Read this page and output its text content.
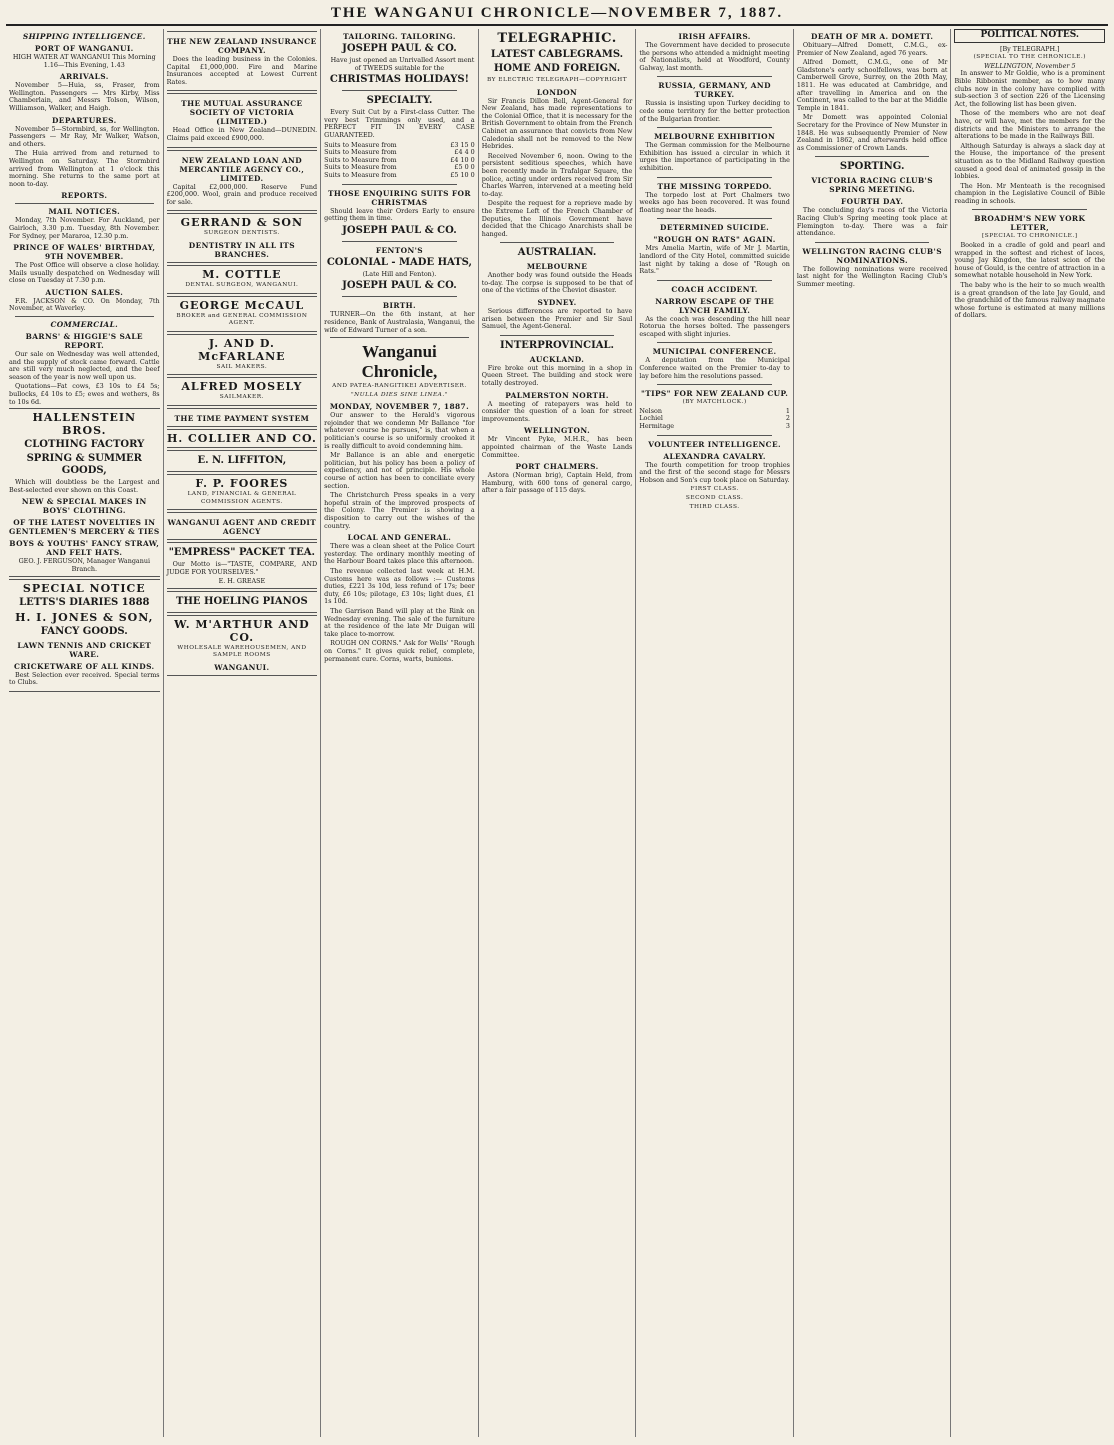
THE WANGANUI CHRONICLE—NOVEMBER 7, 1887.
SHIPPING INTELLIGENCE.
PORT OF WANGANUI.
HIGH WATER AT WANGANUI This Morning 1.16—This Evening, 1.43
ARRIVALS.

November 5—Huia, ss, Fraser, from Wellington. Passengers — Mrs Kirby, Miss Chamberlain, and Messrs Tolson, Wilson, Williamson, Walker, and Haigh.

DEPARTURES.

November 5—Stormbird, ss, for Wellington. Passengers — Mr Ray, Mr Walker, Watson, and others.

The Huia arrived from and returned to Wellington on Saturday. The Stormbird arrived from Wellington at 1 o'clock this morning. She returns to the same port at noon to-day.

REPORTS.
MAIL NOTICES.

Monday, 7th November. For Auckland, per Gairloch, 3.30 p.m. Tuesday, 8th November. For Sydney, per Mararoa, 12.30 p.m.

PRINCE OF WALES' BIRTHDAY, 9TH NOVEMBER.

The Post Office will observe a close holiday. Mails usually despatched on Wednesday will close on Tuesday at 7.30 p.m.

AUCTION SALES.

F.R. JACKSON & CO. On Monday, 7th November, at Waverley.

COMMERCIAL.
BARNS' & HIGGIE'S SALE REPORT.

Our sale on Wednesday was well attended, and the supply of stock came forward. Cattle are still very much neglected, and the beef season of the year is now well upon us.

Quotations—Fat cows, £3 10s to £4 5s; bullocks, £4 10s to £5; ewes and wethers, 8s to 10s 6d.

HALLENSTEIN BROS.
CLOTHING FACTORY
SPRING & SUMMER GOODS,

Which will doubtless be the Largest and Best-selected ever shown on this Coast.

NEW & SPECIAL MAKES IN BOYS' CLOTHING.
OF THE LATEST NOVELTIES IN GENTLEMEN'S MERCERY & TIES
BOYS & YOUTHS' FANCY STRAW, AND FELT HATS.
GEO. J. FERGUSON, Manager Wanganui Branch.
SPECIAL NOTICE
LETTS'S DIARIES 1888
H. I. JONES & SON,
FANCY GOODS.
LAWN TENNIS AND CRICKET WARE.
CRICKETWARE OF ALL KINDS.

Best Selection ever received. Special terms to Clubs.

THE NEW ZEALAND INSURANCE COMPANY.

Does the leading business in the Colonies. Capital £1,000,000. Fire and Marine Insurances accepted at Lowest Current Rates.

THE MUTUAL ASSURANCE SOCIETY OF VICTORIA (LIMITED.)

Head Office in New Zealand—DUNEDIN. Claims paid exceed £900,000.

NEW ZEALAND LOAN AND MERCANTILE AGENCY CO., LIMITED.

Capital £2,000,000. Reserve Fund £200,000. Wool, grain and produce received for sale.

GERRAND & SON
SURGEON DENTISTS.
DENTISTRY IN ALL ITS BRANCHES.
M. COTTLE
DENTAL SURGEON, WANGANUI.
GEORGE McCAUL
BROKER and GENERAL COMMISSION AGENT.
J. AND D. McFARLANE
SAIL MAKERS.
ALFRED MOSELY
SAILMAKER.
THE TIME PAYMENT SYSTEM
H. COLLIER AND CO.
E. N. LIFFITON,
F. P. FOORES
LAND, FINANCIAL & GENERAL COMMISSION AGENTS.
WANGANUI AGENT AND CREDIT AGENCY
"EMPRESS" PACKET TEA.

Our Motto is—"TASTE, COMPARE, AND JUDGE FOR YOURSELVES."

E. H. GREASE
THE HOELING PIANOS
W. M'ARTHUR AND CO.
WHOLESALE WAREHOUSEMEN, AND SAMPLE ROOMS
WANGANUI.
TAILORING. TAILORING.
JOSEPH PAUL & CO.

Have just opened an Unrivalled Assort ment of TWEEDS suitable for the

CHRISTMAS HOLIDAYS!
SPECIALTY.

Every Suit Cut by a First-class Cutter. The very best Trimmings only used, and a PERFECT FIT IN EVERY CASE GUARANTEED.

Suits to Measure from	£3 15 0
Suits to Measure from	£4 4 0
Suits to Measure from	£4 10 0
Suits to Measure from	£5 0 0
Suits to Measure from	£5 10 0
THOSE ENQUIRING SUITS FOR CHRISTMAS

Should leave their Orders Early to ensure getting them in time.

JOSEPH PAUL & CO.
FENTON'S
COLONIAL - MADE HATS,
(Late Hill and Fenton).
JOSEPH PAUL & CO.
BIRTH.

TURNER—On the 6th instant, at her residence, Bank of Australasia, Wanganui, the wife of Edward Turner of a son.

Wanganui Chronicle,
AND PATEA-RANGITIKEI ADVERTISER.
"NULLA DIES SINE LINEA."
MONDAY, NOVEMBER 7, 1887.

Our answer to the Herald's vigorous rejoinder that we condemn Mr Ballance "for whatever course he pursues," is, that when a politician's course is so uniformly crooked it is really difficult to avoid condemning him.

Mr Ballance is an able and energetic politician, but his policy has been a policy of expediency, and not of principle. His whole course of action has been to conciliate every section.

The Christchurch Press speaks in a very hopeful strain of the improved prospects of the Colony. The Premier is showing a disposition to carry out the wishes of the country.

LOCAL AND GENERAL.

There was a clean sheet at the Police Court yesterday. The ordinary monthly meeting of the Harbour Board takes place this afternoon.

The revenue collected last week at H.M. Customs here was as follows :— Customs duties, £221 3s 10d, less refund of 17s; beer duty, £6 10s; pilotage, £3 10s; light dues, £1 1s 10d.

The Garrison Band will play at the Rink on Wednesday evening. The sale of the furniture at the residence of the late Mr Duigan will take place to-morrow.

ROUGH ON CORNS." Ask for Wells' "Rough on Corns." It gives quick relief, complete, permanent cure. Corns, warts, bunions.

TELEGRAPHIC.
LATEST CABLEGRAMS.
HOME AND FOREIGN.
BY ELECTRIC TELEGRAPH—COPYRIGHT
LONDON

Sir Francis Dillon Bell, Agent-General for New Zealand, has made representations to the Colonial Office, that it is necessary for the British Government to obtain from the French Cabinet an assurance that convicts from New Caledonia shall not be removed to the New Hebrides.

Received November 6, noon. Owing to the persistent seditious speeches, which have been recently made in Trafalgar Square, the police, acting under orders received from Sir Charles Warren, intervened at a meeting held to-day.

Despite the request for a reprieve made by the Extreme Left of the French Chamber of Deputies, the Illinois Government have decided that the Chicago Anarchists shall be hanged.

AUSTRALIAN.
MELBOURNE

Another body was found outside the Heads to-day. The corpse is supposed to be that of one of the victims of the Cheviot disaster.

SYDNEY.

Serious differences are reported to have arisen between the Premier and Sir Saul Samuel, the Agent-General.

INTERPROVINCIAL.
AUCKLAND.

Fire broke out this morning in a shop in Queen Street. The building and stock were totally destroyed.

PALMERSTON NORTH.

A meeting of ratepayers was held to consider the question of a loan for street improvements.

WELLINGTON.

Mr Vincent Pyke, M.H.R., has been appointed chairman of the Waste Lands Committee.

PORT CHALMERS.

Astora (Norman brig), Captain Held, from Hamburg, with 600 tons of general cargo, after a fair passage of 115 days.

IRISH AFFAIRS.

The Government have decided to prosecute the persons who attended a midnight meeting of Nationalists, held at Woodford, County Galway, last month.

RUSSIA, GERMANY, AND TURKEY.

Russia is insisting upon Turkey deciding to cede some territory for the better protection of the Bulgarian frontier.

MELBOURNE EXHIBITION

The German commission for the Melbourne Exhibition has issued a circular in which it urges the importance of participating in the exhibition.

THE MISSING TORPEDO.

The torpedo lost at Port Chalmers two weeks ago has been recovered. It was found floating near the heads.

DETERMINED SUICIDE.
"ROUGH ON RATS" AGAIN.

Mrs Amelia Martin, wife of Mr J. Martin, landlord of the City Hotel, committed suicide last night by taking a dose of "Rough on Rats."

COACH ACCIDENT.
NARROW ESCAPE OF THE LYNCH FAMILY.

As the coach was descending the hill near Rotorua the horses bolted. The passengers escaped with slight injuries.

MUNICIPAL CONFERENCE.

A deputation from the Municipal Conference waited on the Premier to-day to lay before him the resolutions passed.

"TIPS" FOR NEW ZEALAND CUP.
(BY MATCHLOCK.)
Nelson	1
Lochiel	2
Hermitage	3
VOLUNTEER INTELLIGENCE.
ALEXANDRA CAVALRY.

The fourth competition for troop trophies and the first of the second stage for Messrs Hobson and Son's cup took place on Saturday.

FIRST CLASS.
SECOND CLASS.
THIRD CLASS.
DEATH OF MR A. DOMETT.

Obituary—Alfred Domett, C.M.G., ex-Premier of New Zealand, aged 76 years.

Alfred Domett, C.M.G., one of Mr Gladstone's early schoolfellows, was born at Camberwell Grove, Surrey, on the 20th May, 1811. He was educated at Cambridge, and after travelling in America and on the Continent, was called to the bar at the Middle Temple in 1841.

Mr Domett was appointed Colonial Secretary for the Province of New Munster in 1848. He was subsequently Premier of New Zealand in 1862, and afterwards held office as Commissioner of Crown Lands.

SPORTING.
VICTORIA RACING CLUB'S SPRING MEETING.
FOURTH DAY.

The concluding day's races of the Victoria Racing Club's Spring meeting took place at Flemington to-day. There was a fair attendance.

WELLINGTON RACING CLUB'S NOMINATIONS.

The following nominations were received last night for the Wellington Racing Club's Summer meeting.

POLITICAL NOTES.
[By TELEGRAPH.]
(SPECIAL TO THE CHRONICLE.)
WELLINGTON, November 5

In answer to Mr Goldie, who is a prominent Bible Ribbonist member, as to how many clubs now in the colony have complied with sub-section 3 of section 226 of the Licensing Act, the following list has been given.

Those of the members who are not deaf have, or will have, met the members for the districts and the Ministers to arrange the alterations to be made in the Railways Bill.

Although Saturday is always a slack day at the House, the importance of the present situation as to the Midland Railway question caused a good deal of animated gossip in the lobbies.

The Hon. Mr Menteath is the recognised champion in the Legislative Council of Bible reading in schools.

BROADHM'S NEW YORK LETTER,
[SPECIAL TO CHRONICLE.]

Booked in a cradle of gold and pearl and wrapped in the softest and richest of laces, young Jay Kingdon, the latest scion of the house of Gould, is the centre of attraction in a somewhat notable household in New York.

The baby who is the heir to so much wealth is a great grandson of the late Jay Gould, and the grandchild of the famous railway magnate whose fortune is estimated at many millions of dollars.
